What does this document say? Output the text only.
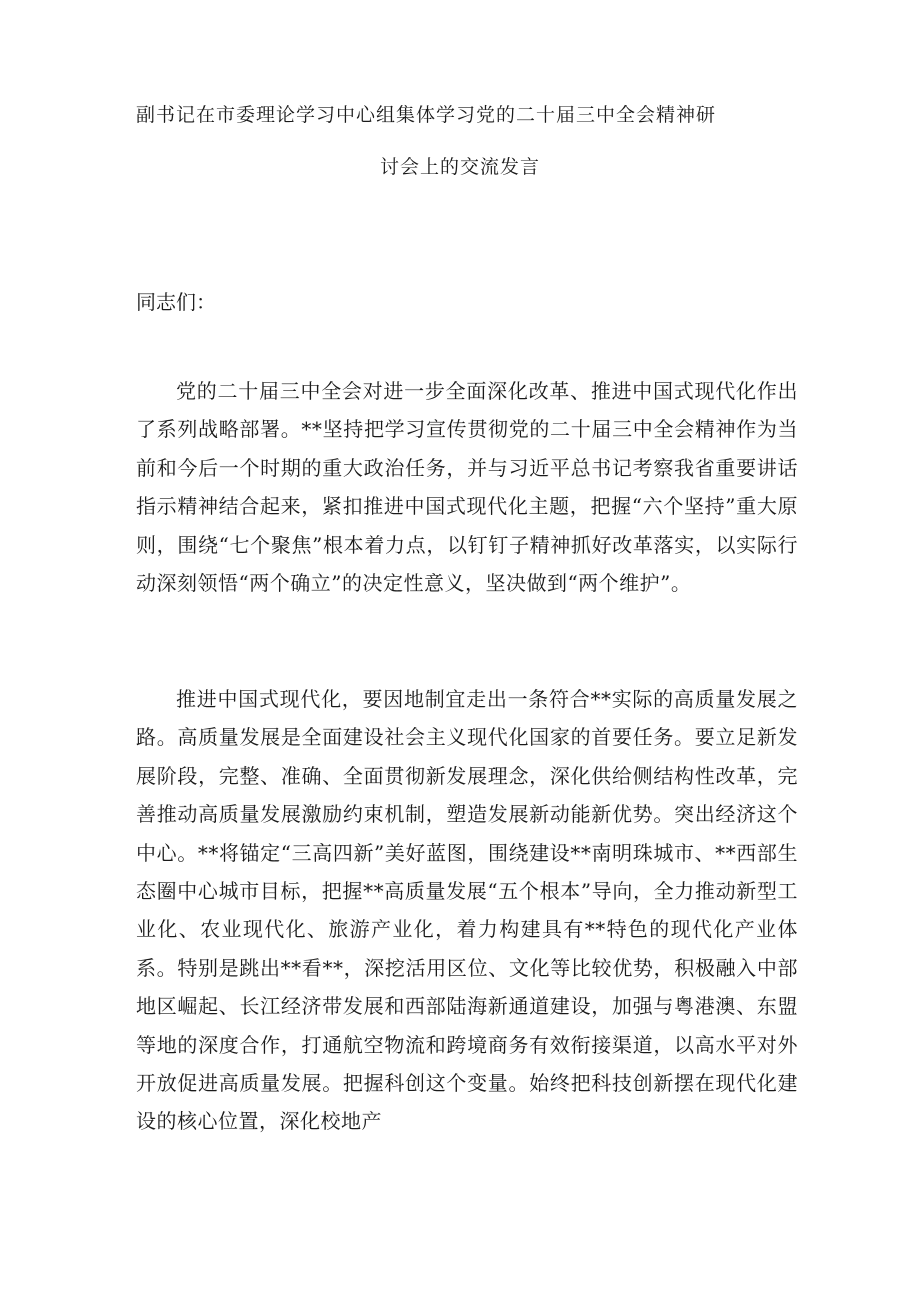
副书记在市委理论学习中心组集体学习党的二十届三中全会精神研
讨会上的交流发言
同志们：

党的二十届三中全会对进一步全面深化改革、推进中国式现代化作出了系列战略部署。**坚持把学习宣传贯彻党的二十届三中全会精神作为当前和今后一个时期的重大政治任务，并与习近平总书记考察我省重要讲话指示精神结合起来，紧扣推进中国式现代化主题，把握“六个坚持”重大原则，围绕“七个聚焦”根本着力点，以钉钉子精神抓好改革落实，以实际行动深刻领悟“两个确立”的决定性意义，坚决做到“两个维护”。

推进中国式现代化，要因地制宜走出一条符合**实际的高质量发展之路。高质量发展是全面建设社会主义现代化国家的首要任务。要立足新发展阶段，完整、准确、全面贯彻新发展理念，深化供给侧结构性改革，完善推动高质量发展激励约束机制，塑造发展新动能新优势。突出经济这个中心。**将锚定“三高四新”美好蓝图，围绕建设**南明珠城市、**西部生态圈中心城市目标，把握**高质量发展“五个根本”导向，全力推动新型工业化、农业现代化、旅游产业化，着力构建具有**特色的现代化产业体系。特别是跳出**看**，深挖活用区位、文化等比较优势，积极融入中部地区崛起、长江经济带发展和西部陆海新通道建设，加强与粤港澳、东盟等地的深度合作，打通航空物流和跨境商务有效衔接渠道，以高水平对外开放促进高质量发展。把握科创这个变量。始终把科技创新摆在现代化建设的核心位置，深化校地产
